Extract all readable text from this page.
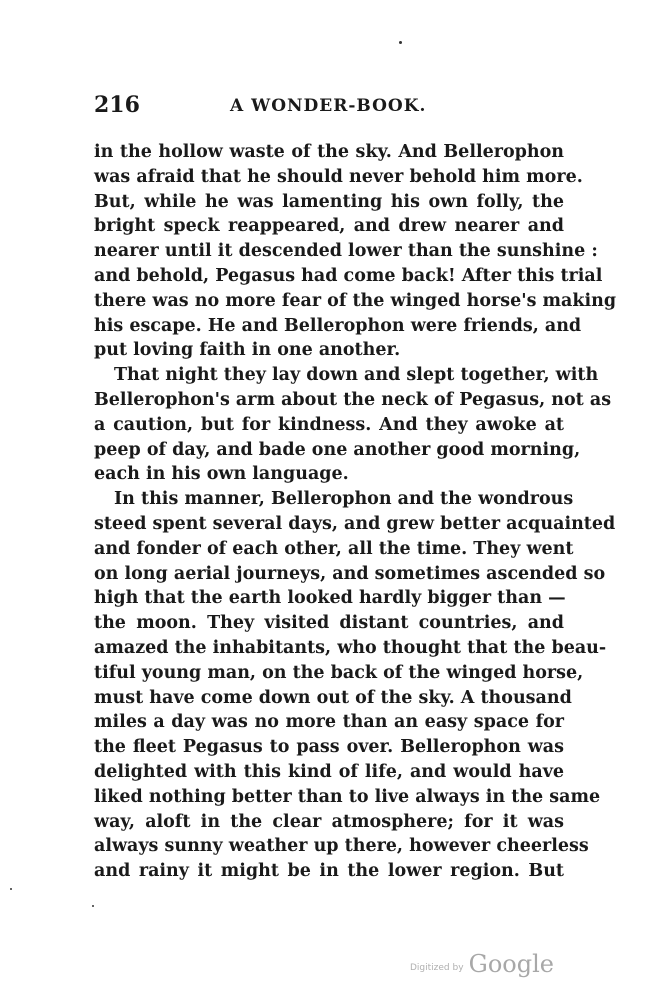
216	A WONDER-BOOK.
in the hollow waste of the sky. And Bellerophon
was afraid that he should never behold him more.
But, while he was lamenting his own folly, the
bright speck reappeared, and drew nearer and
nearer until it descended lower than the sunshine :
and behold, Pegasus had come back! After this trial
there was no more fear of the winged horse's making
his escape. He and Bellerophon were friends, and
put loving faith in one another.
That night they lay down and slept together, with
Bellerophon's arm about the neck of Pegasus, not as
a caution, but for kindness. And they awoke at
peep of day, and bade one another good morning,
each in his own language.
In this manner, Bellerophon and the wondrous
steed spent several days, and grew better acquainted
and fonder of each other, all the time. They went
on long aerial journeys, and sometimes ascended so
high that the earth looked hardly bigger than —
the moon. They visited distant countries, and
amazed the inhabitants, who thought that the beau-
tiful young man, on the back of the winged horse,
must have come down out of the sky. A thousand
miles a day was no more than an easy space for
the fleet Pegasus to pass over. Bellerophon was
delighted with this kind of life, and would have
liked nothing better than to live always in the same
way, aloft in the clear atmosphere; for it was
always sunny weather up there, however cheerless
and rainy it might be in the lower region. But
Digitized by Google
